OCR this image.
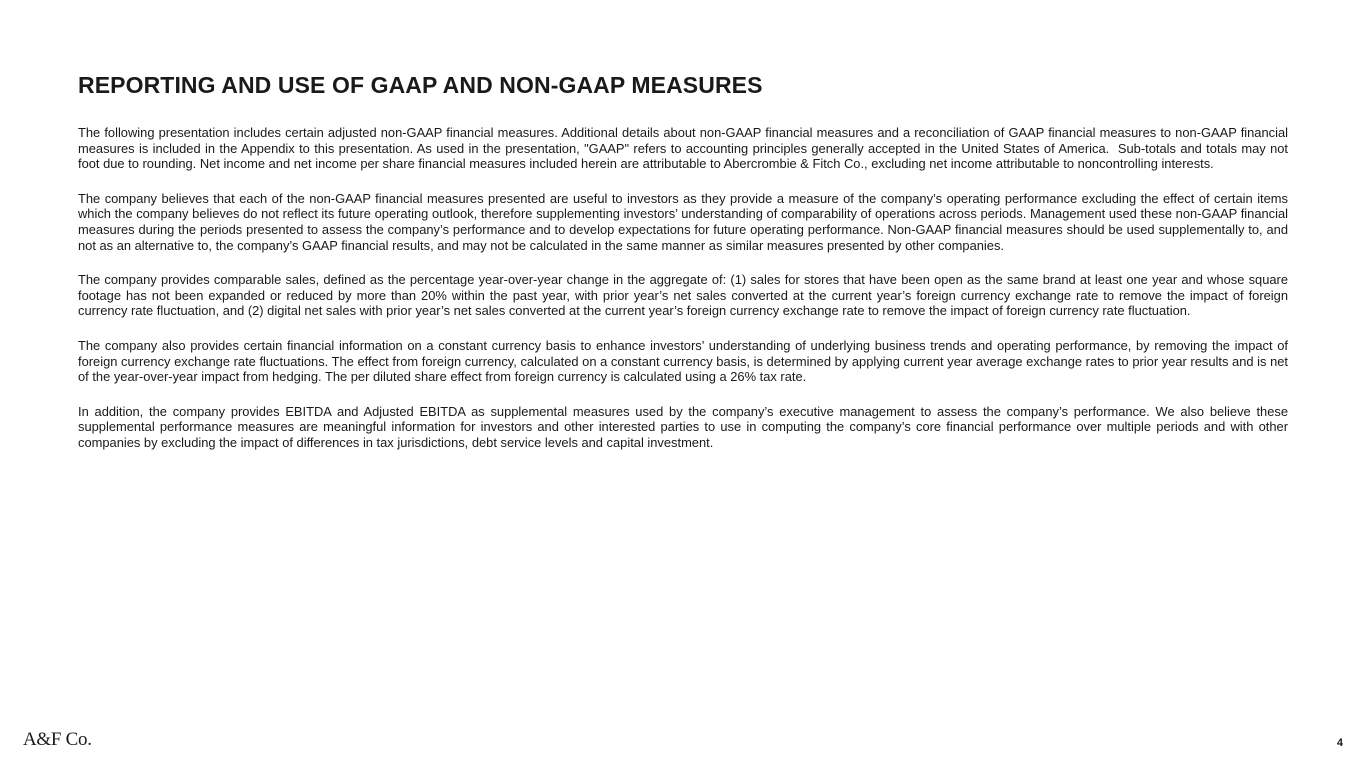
REPORTING AND USE OF GAAP AND NON-GAAP MEASURES

The following presentation includes certain adjusted non-GAAP financial measures. Additional details about non-GAAP financial measures and a reconciliation of GAAP financial measures to non-GAAP financial measures is included in the Appendix to this presentation. As used in the presentation, "GAAP" refers to accounting principles generally accepted in the United States of America.  Sub-totals and totals may not foot due to rounding. Net income and net income per share financial measures included herein are attributable to Abercrombie & Fitch Co., excluding net income attributable to noncontrolling interests.

The company believes that each of the non-GAAP financial measures presented are useful to investors as they provide a measure of the company’s operating performance excluding the effect of certain items which the company believes do not reflect its future operating outlook, therefore supplementing investors’ understanding of comparability of operations across periods. Management used these non-GAAP financial measures during the periods presented to assess the company’s performance and to develop expectations for future operating performance. Non-GAAP financial measures should be used supplementally to, and not as an alternative to, the company’s GAAP financial results, and may not be calculated in the same manner as similar measures presented by other companies.

The company provides comparable sales, defined as the percentage year-over-year change in the aggregate of: (1) sales for stores that have been open as the same brand at least one year and whose square footage has not been expanded or reduced by more than 20% within the past year, with prior year’s net sales converted at the current year’s foreign currency exchange rate to remove the impact of foreign currency rate fluctuation, and (2) digital net sales with prior year’s net sales converted at the current year’s foreign currency exchange rate to remove the impact of foreign currency rate fluctuation.

The company also provides certain financial information on a constant currency basis to enhance investors’ understanding of underlying business trends and operating performance, by removing the impact of foreign currency exchange rate fluctuations. The effect from foreign currency, calculated on a constant currency basis, is determined by applying current year average exchange rates to prior year results and is net of the year-over-year impact from hedging. The per diluted share effect from foreign currency is calculated using a 26% tax rate.

In addition, the company provides EBITDA and Adjusted EBITDA as supplemental measures used by the company’s executive management to assess the company’s performance. We also believe these supplemental performance measures are meaningful information for investors and other interested parties to use in computing the company’s core financial performance over multiple periods and with other companies by excluding the impact of differences in tax jurisdictions, debt service levels and capital investment.

A&F Co.	4
